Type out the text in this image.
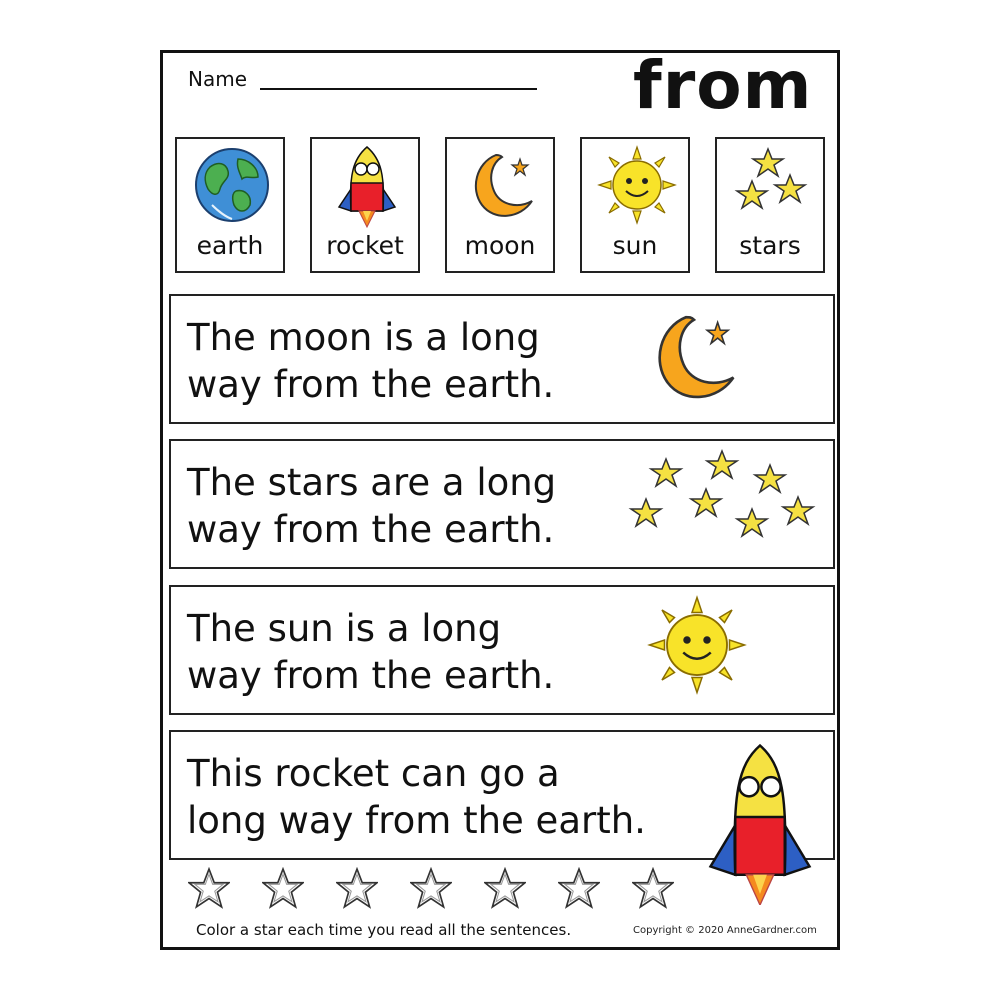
Name	from
earth	rocket	moon	sun	stars
The moon is a long
way from the earth.
The stars are a long
way from the earth.
The sun is a long
way from the earth.
This rocket can go a
long way from the earth.
Color a star each time you read all the sentences.	Copyright © 2020 AnneGardner.com
